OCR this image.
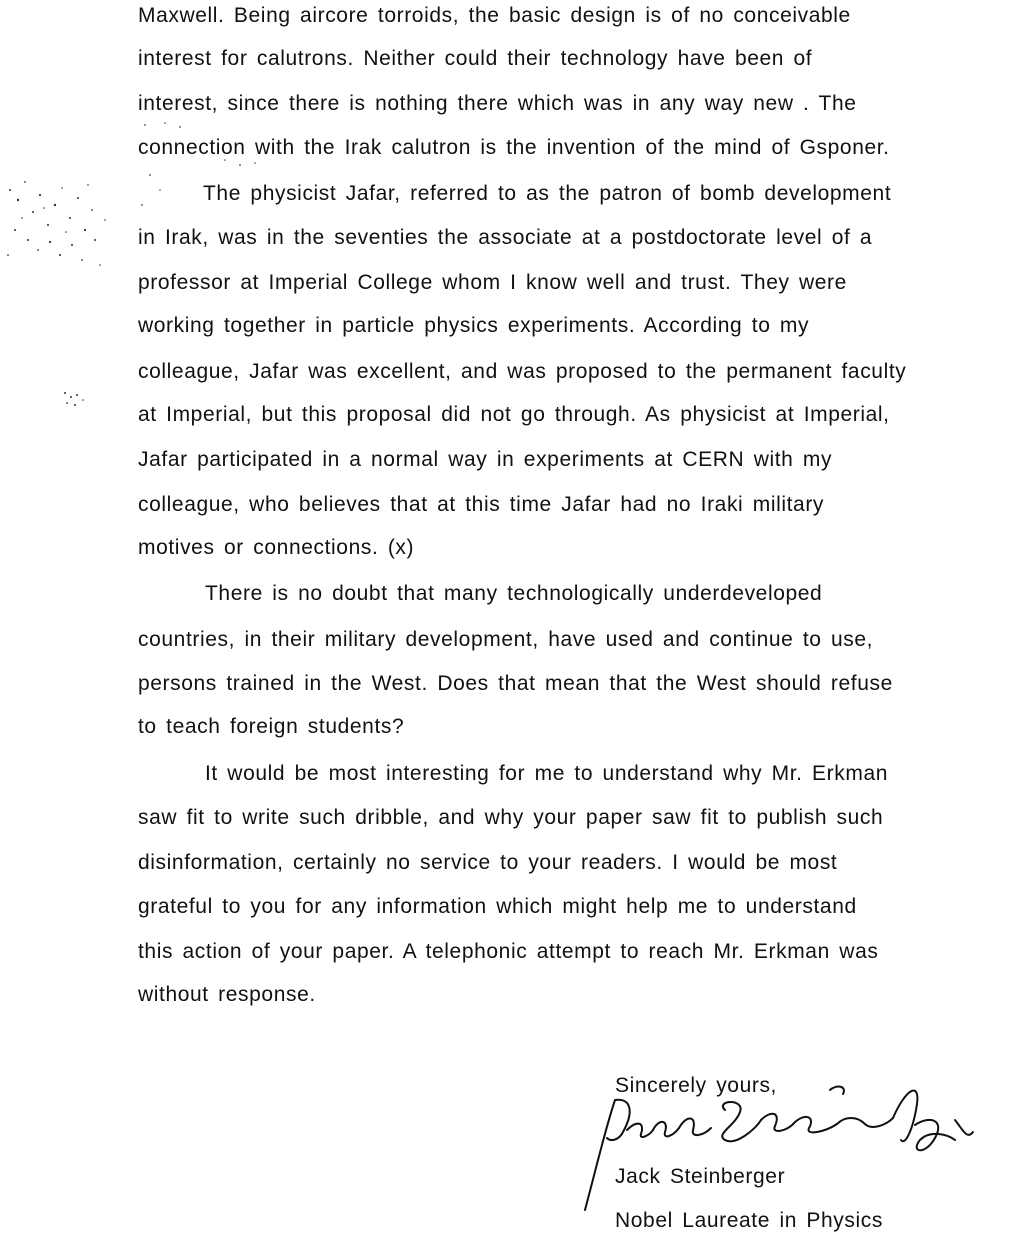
Maxwell. Being aircore torroids, the basic design is of no conceivable
interest for calutrons. Neither could their technology have been of
interest, since there is nothing there which was in any way new . The
connection with the Irak calutron is the invention of the mind of Gsponer.
The physicist Jafar, referred to as the patron of bomb development
in Irak, was in the seventies the associate at a postdoctorate level of a
professor at Imperial College whom I know well and trust. They were
working together in particle physics experiments. According to my
colleague, Jafar was excellent, and was proposed to the permanent faculty
at Imperial, but this proposal did not go through. As physicist at Imperial,
Jafar participated in a normal way in experiments at CERN with my
colleague, who believes that at this time Jafar had no Iraki military
motives or connections. (x)
There is no doubt that many technologically underdeveloped
countries, in their military development, have used and continue to use,
persons trained in the West. Does that mean that the West should refuse
to teach foreign students?
It would be most interesting for me to understand why Mr. Erkman
saw fit to write such dribble, and why your paper saw fit to publish such
disinformation, certainly no service to your readers. I would be most
grateful to you for any information which might help me to understand
this action of your paper. A telephonic attempt to reach Mr. Erkman was
without response.
Sincerely yours,
Jack Steinberger
Nobel Laureate in Physics
